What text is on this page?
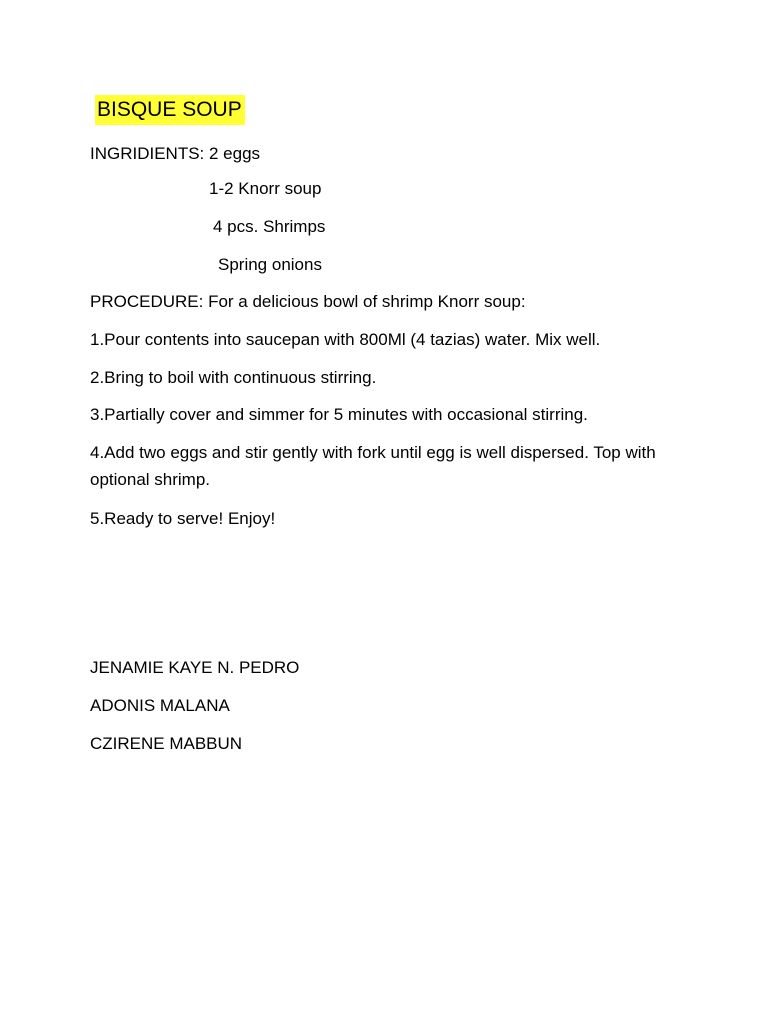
BISQUE SOUP
INGRIDIENTS: 2 eggs
1-2 Knorr soup
4 pcs. Shrimps
Spring onions
PROCEDURE: For a delicious bowl of shrimp Knorr soup:
1.Pour contents into saucepan with 800Ml (4 tazias) water. Mix well.
2.Bring to boil with continuous stirring.
3.Partially cover and simmer for 5 minutes with occasional stirring.
4.Add two eggs and stir gently with fork until egg is well dispersed. Top with optional shrimp.
5.Ready to serve! Enjoy!
JENAMIE KAYE N. PEDRO
ADONIS MALANA
CZIRENE MABBUN
